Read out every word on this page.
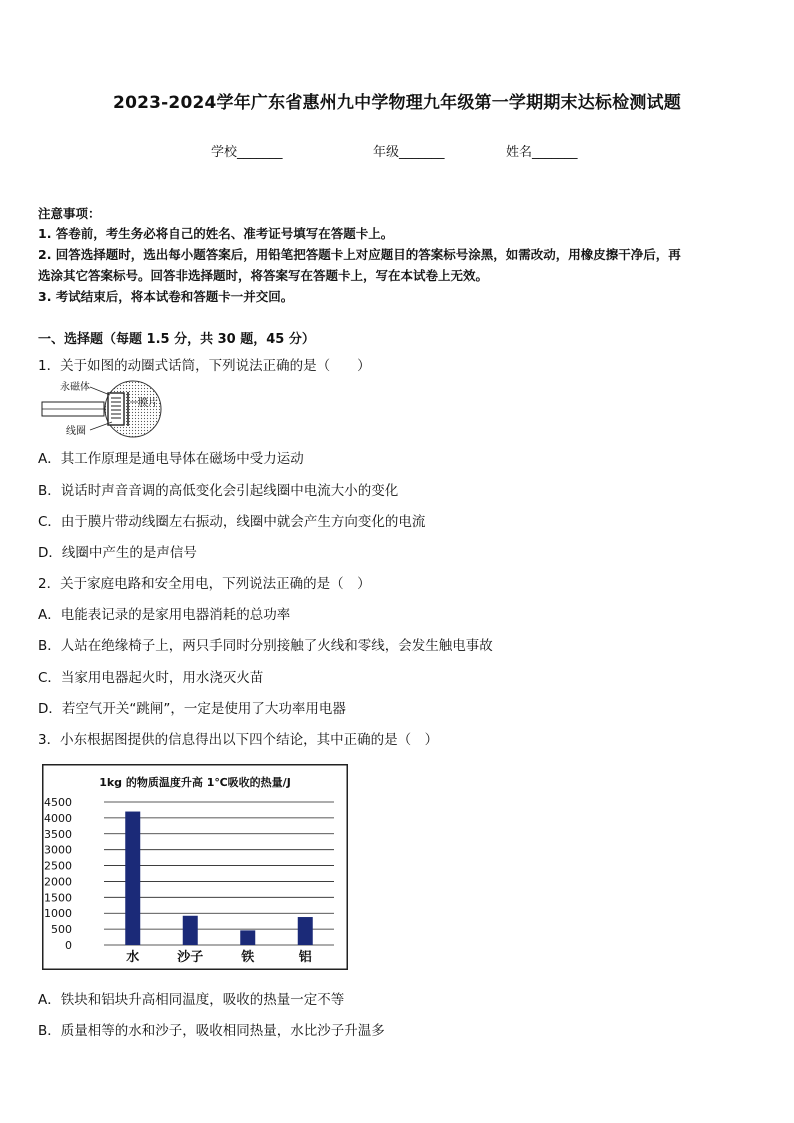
2023-2024学年广东省惠州九中学物理九年级第一学期期末达标检测试题
学校_______	年级_______	姓名_______
注意事项：
1. 答卷前，考生务必将自己的姓名、准考证号填写在答题卡上。
2. 回答选择题时，选出每小题答案后，用铅笔把答题卡上对应题目的答案标号涂黑，如需改动，用橡皮擦干净后，再
选涂其它答案标号。回答非选择题时，将答案写在答题卡上，写在本试卷上无效。
3. 考试结束后，将本试卷和答题卡一并交回。
一、选择题（每题 1.5 分，共 30 题，45 分）
1．关于如图的动圈式话筒，下列说法正确的是（　　）
永磁体
膜片
线圈
A．其工作原理是通电导体在磁场中受力运动
B．说话时声音音调的高低变化会引起线圈中电流大小的变化
C．由于膜片带动线圈左右振动，线圈中就会产生方向变化的电流
D．线圈中产生的是声信号
2．关于家庭电路和安全用电，下列说法正确的是（　）
A．电能表记录的是家用电器消耗的总功率
B．人站在绝缘椅子上，两只手同时分别接触了火线和零线，会发生触电事故
C．当家用电器起火时，用水浇灭火苗
D．若空气开关“跳闸”，一定是使用了大功率用电器
3．小东根据图提供的信息得出以下四个结论，其中正确的是（　）
1kg 的物质温度升高 1℃吸收的热量/J
0
500
1000
1500
2000
2500
3000
3500
4000
4500
水	沙子	铁	铝
A．铁块和铝块升高相同温度，吸收的热量一定不等
B．质量相等的水和沙子，吸收相同热量，水比沙子升温多
